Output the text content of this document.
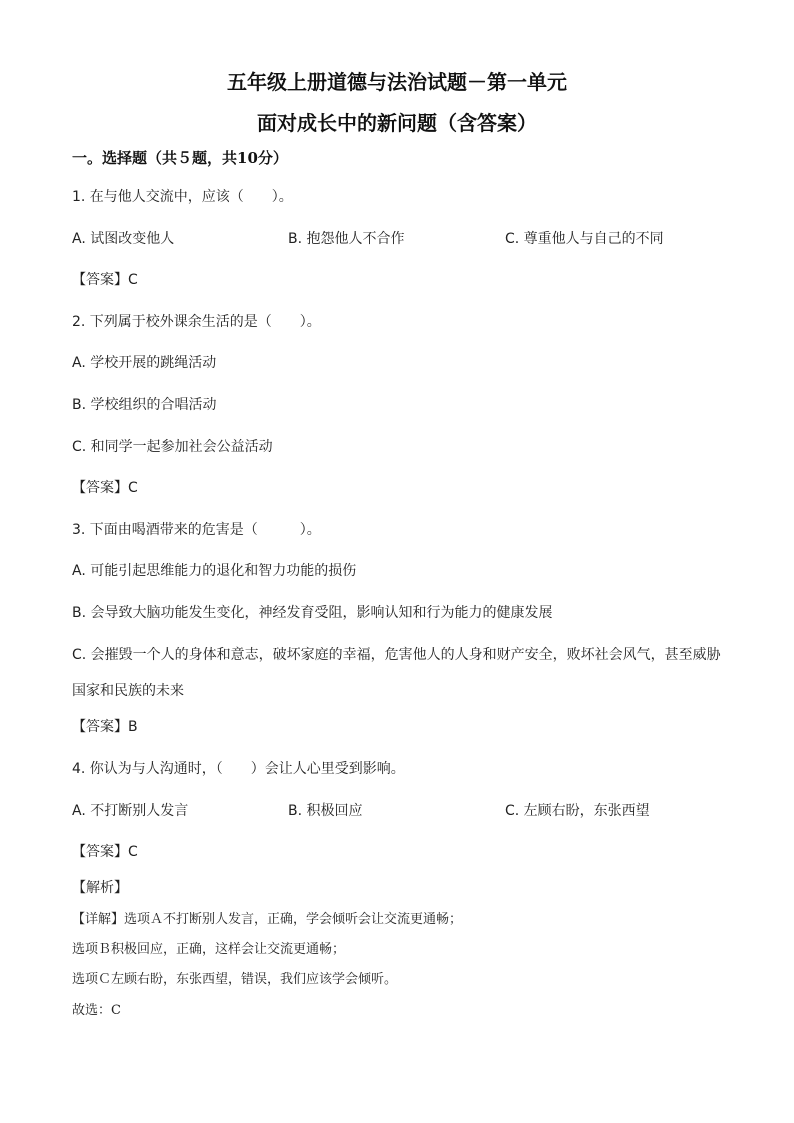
五年级上册道德与法治试题－第一单元
面对成长中的新问题（含答案）
一。选择题（共５题，共10分）
1. 在与他人交流中，应该（　　）。
A. 试图改变他人	B. 抱怨他人不合作	C. 尊重他人与自己的不同
【答案】C
2. 下列属于校外课余生活的是（　　）。
A. 学校开展的跳绳活动
B. 学校组织的合唱活动
C. 和同学一起参加社会公益活动
【答案】C
3. 下面由喝酒带来的危害是（　　　）。
A. 可能引起思维能力的退化和智力功能的损伤
B. 会导致大脑功能发生变化，神经发育受阻，影响认知和行为能力的健康发展
C. 会摧毁一个人的身体和意志，破坏家庭的幸福，危害他人的人身和财产安全，败坏社会风气，甚至威胁
国家和民族的未来
【答案】B
4. 你认为与人沟通时，（　　）会让人心里受到影响。
A. 不打断别人发言	B. 积极回应	C. 左顾右盼，东张西望
【答案】C
【解析】
【详解】选项Ａ不打断别人发言，正确，学会倾听会让交流更通畅；
选项Ｂ积极回应，正确，这样会让交流更通畅；
选项Ｃ左顾右盼，东张西望，错误，我们应该学会倾听。
故选：C
